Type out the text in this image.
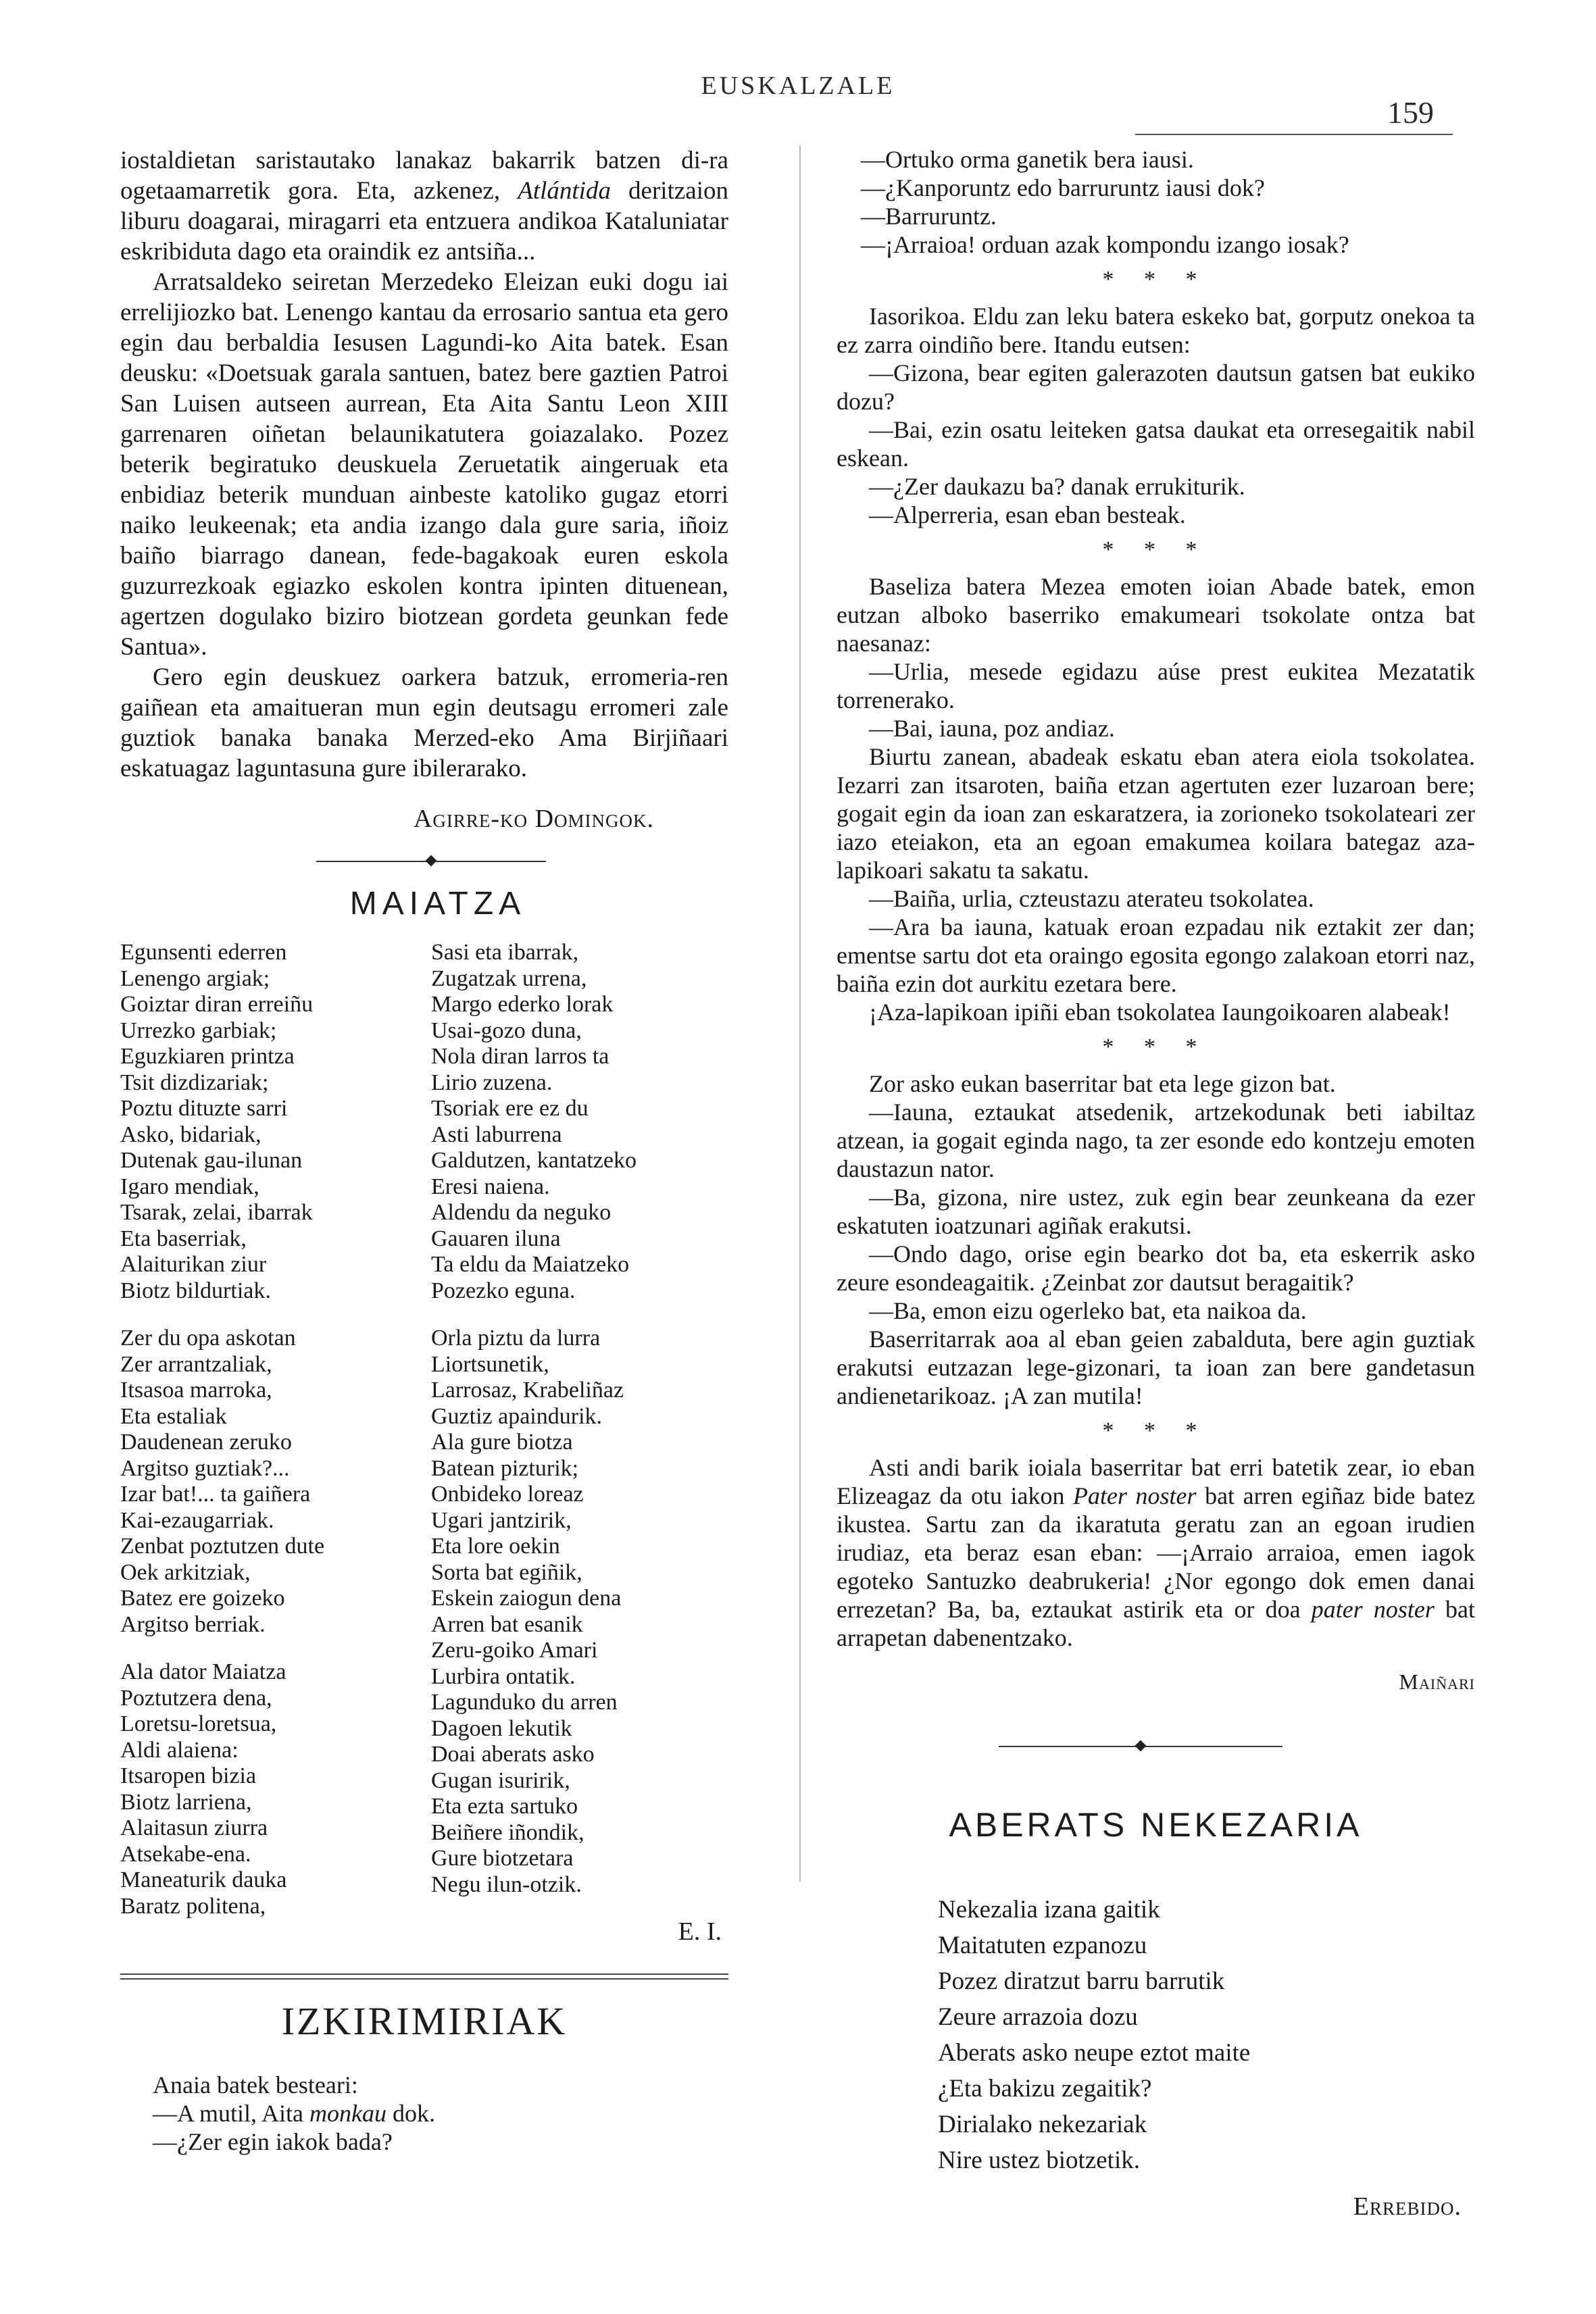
EUSKALZALE
159

iostaldietan saristautako lanakaz bakarrik batzen di-ra ogetaamarretik gora. Eta, azkenez, Atlántida deritzaion liburu doagarai, miragarri eta entzuera andikoa Kataluniatar eskribiduta dago eta oraindik ez antsiña...

Arratsaldeko seiretan Merzedeko Eleizan euki dogu iai errelijiozko bat. Lenengo kantau da errosario santua eta gero egin dau berbaldia Iesusen Lagundi-ko Aita batek. Esan deusku: «Doetsuak garala santuen, batez bere gaztien Patroi San Luisen autseen aurrean, Eta Aita Santu Leon XIII garrenaren oiñetan belaunikatutera goiazalako. Pozez beterik begiratuko deuskuela Zeruetatik aingeruak eta enbidiaz beterik munduan ainbeste katoliko gugaz etorri naiko leukeenak; eta andia izango dala gure saria, iñoiz baiño biarrago danean, fede-bagakoak euren eskola guzurrezkoak egiazko eskolen kontra ipinten dituenean, agertzen dogulako biziro biotzean gordeta geunkan fede Santua».

Gero egin deuskuez oarkera batzuk, erromeria-ren gaiñean eta amaitueran mun egin deutsagu erromeri zale guztiok banaka banaka Merzed-eko Ama Birjiñaari eskatuagaz laguntasuna gure ibilerarako.

Agirre-ko Domingok.
MAIATZA
Egunsenti ederren
Lenengo argiak;
Goiztar diran erreiñu
Urrezko garbiak;
Eguzkiaren printza
Tsit dizdizariak;
Poztu dituzte sarri
Asko, bidariak,
Dutenak gau-ilunan
Igaro mendiak,
Tsarak, zelai, ibarrak
Eta baserriak,
Alaiturikan ziur
Biotz bildurtiak.
Zer du opa askotan
Zer arrantzaliak,
Itsasoa marroka,
Eta estaliak
Daudenean zeruko
Argitso guztiak?...
Izar bat!... ta gaiñera
Kai-ezaugarriak.
Zenbat poztutzen dute
Oek arkitziak,
Batez ere goizeko
Argitso berriak.
Ala dator Maiatza
Poztutzera dena,
Loretsu-loretsua,
Aldi alaiena:
Itsaropen bizia
Biotz larriena,
Alaitasun ziurra
Atsekabe-ena.
Maneaturik dauka
Baratz politena,
Sasi eta ibarrak,
Zugatzak urrena,
Margo ederko lorak
Usai-gozo duna,
Nola diran larros ta
Lirio zuzena.
Tsoriak ere ez du
Asti laburrena
Galdutzen, kantatzeko
Eresi naiena.
Aldendu da neguko
Gauaren iluna
Ta eldu da Maiatzeko
Pozezko eguna.
Orla piztu da lurra
Liortsunetik,
Larrosaz, Krabeliñaz
Guztiz apaindurik.
Ala gure biotza
Batean pizturik;
Onbideko loreaz
Ugari jantzirik,
Eta lore oekin
Sorta bat egiñik,
Eskein zaiogun dena
Arren bat esanik
Zeru-goiko Amari
Lurbira ontatik.
Lagunduko du arren
Dagoen lekutik
Doai aberats asko
Gugan isuririk,
Eta ezta sartuko
Beiñere iñondik,
Gure biotzetara
Negu ilun-otzik.
E. I.
IZKIRIMIRIAK

Anaia batek besteari:

—A mutil, Aita monkau dok.

—¿Zer egin iakok bada?

—Ortuko orma ganetik bera iausi.

—¿Kanporuntz edo barruruntz iausi dok?

—Barruruntz.

—¡Arraioa! orduan azak kompondu izango iosak?

* * *

Iasorikoa. Eldu zan leku batera eskeko bat, gorputz onekoa ta ez zarra oindiño bere. Itandu eutsen:

—Gizona, bear egiten galerazoten dautsun gatsen bat eukiko dozu?

—Bai, ezin osatu leiteken gatsa daukat eta orresegaitik nabil eskean.

—¿Zer daukazu ba? danak errukiturik.

—Alperreria, esan eban besteak.

* * *

Baseliza batera Mezea emoten ioian Abade batek, emon eutzan alboko baserriko emakumeari tsokolate ontza bat naesanaz:

—Urlia, mesede egidazu aúse prest eukitea Mezatatik torrenerako.

—Bai, iauna, poz andiaz.

Biurtu zanean, abadeak eskatu eban atera eiola tsokolatea. Iezarri zan itsaroten, baiña etzan agertuten ezer luzaroan bere; gogait egin da ioan zan eskaratzera, ia zorioneko tsokolateari zer iazo eteiakon, eta an egoan emakumea koilara bategaz aza-lapikoari sakatu ta sakatu.

—Baiña, urlia, czteustazu aterateu tsokolatea.

—Ara ba iauna, katuak eroan ezpadau nik eztakit zer dan; ementse sartu dot eta oraingo egosita egongo zalakoan etorri naz, baiña ezin dot aurkitu ezetara bere.

¡Aza-lapikoan ipiñi eban tsokolatea Iaungoikoaren alabeak!

* * *

Zor asko eukan baserritar bat eta lege gizon bat.

—Iauna, eztaukat atsedenik, artzekodunak beti iabiltaz atzean, ia gogait eginda nago, ta zer esonde edo kontzeju emoten daustazun nator.

—Ba, gizona, nire ustez, zuk egin bear zeunkeana da ezer eskatuten ioatzunari agiñak erakutsi.

—Ondo dago, orise egin bearko dot ba, eta eskerrik asko zeure esondeagaitik. ¿Zeinbat zor dautsut beragaitik?

—Ba, emon eizu ogerleko bat, eta naikoa da.

Baserritarrak aoa al eban geien zabalduta, bere agin guztiak erakutsi eutzazan lege-gizonari, ta ioan zan bere gandetasun andienetarikoaz. ¡A zan mutila!

* * *

Asti andi barik ioiala baserritar bat erri batetik zear, io eban Elizeagaz da otu iakon Pater noster bat arren egiñaz bide batez ikustea. Sartu zan da ikaratuta geratu zan an egoan irudien irudiaz, eta beraz esan eban: —¡Arraio arraioa, emen iagok egoteko Santuzko deabrukeria! ¿Nor egongo dok emen danai errezetan? Ba, ba, eztaukat astirik eta or doa pater noster bat arrapetan dabenentzako.

Maiñari
ABERATS NEKEZARIA
Nekezalia izana gaitik
Maitatuten ezpanozu
Pozez diratzut barru barrutik
Zeure arrazoia dozu
Aberats asko neupe eztot maite
¿Eta bakizu zegaitik?
Dirialako nekezariak
Nire ustez biotzetik.
Errebido.
